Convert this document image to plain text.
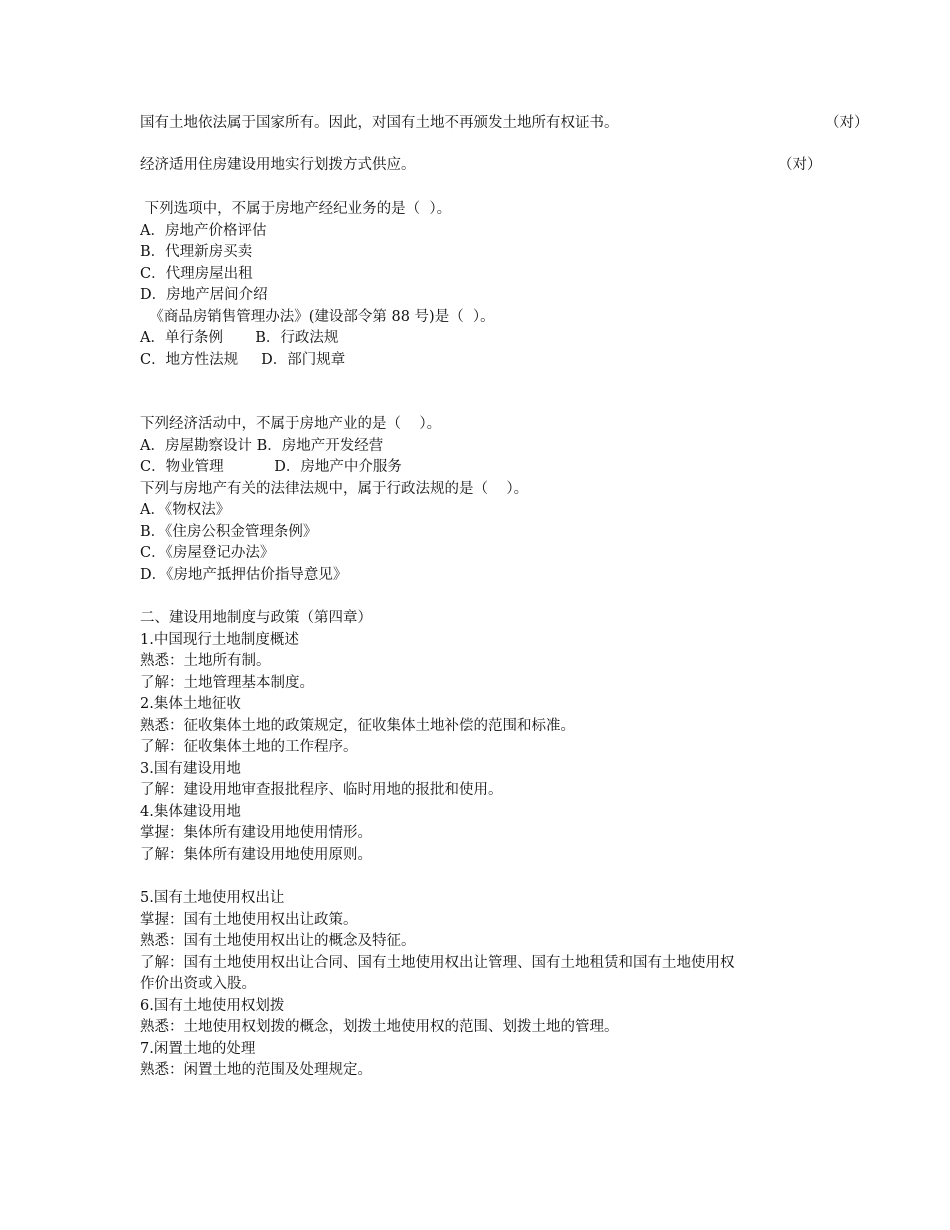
国有土地依法属于国家所有。因此，对国有土地不再颁发土地所有权证书。	（对）
经济适用住房建设用地实行划拨方式供应。	（对）
下列选项中，不属于房地产经纪业务的是（  ）。
A．房地产价格评估
B．代理新房买卖
C．代理房屋出租
D．房地产居间介绍
《商品房销售管理办法》(建设部令第 88 号)是（  ）。
A．单行条例       B．行政法规
C．地方性法规     D．部门规章
下列经济活动中，不属于房地产业的是（    ）。
A．房屋勘察设计 B．房地产开发经营
C．物业管理           D．房地产中介服务
下列与房地产有关的法律法规中，属于行政法规的是（    ）。
A．《物权法》
B．《住房公积金管理条例》
C．《房屋登记办法》
D．《房地产抵押估价指导意见》
二、建设用地制度与政策（第四章）
1.中国现行土地制度概述
熟悉：土地所有制。
了解：土地管理基本制度。
2.集体土地征收
熟悉：征收集体土地的政策规定，征收集体土地补偿的范围和标准。
了解：征收集体土地的工作程序。
3.国有建设用地
了解：建设用地审查报批程序、临时用地的报批和使用。
4.集体建设用地
掌握：集体所有建设用地使用情形。
了解：集体所有建设用地使用原则。
5.国有土地使用权出让
掌握：国有土地使用权出让政策。
熟悉：国有土地使用权出让的概念及特征。
了解：国有土地使用权出让合同、国有土地使用权出让管理、国有土地租赁和国有土地使用权
作价出资或入股。
6.国有土地使用权划拨
熟悉：土地使用权划拨的概念，划拨土地使用权的范围、划拨土地的管理。
7.闲置土地的处理
熟悉：闲置土地的范围及处理规定。
